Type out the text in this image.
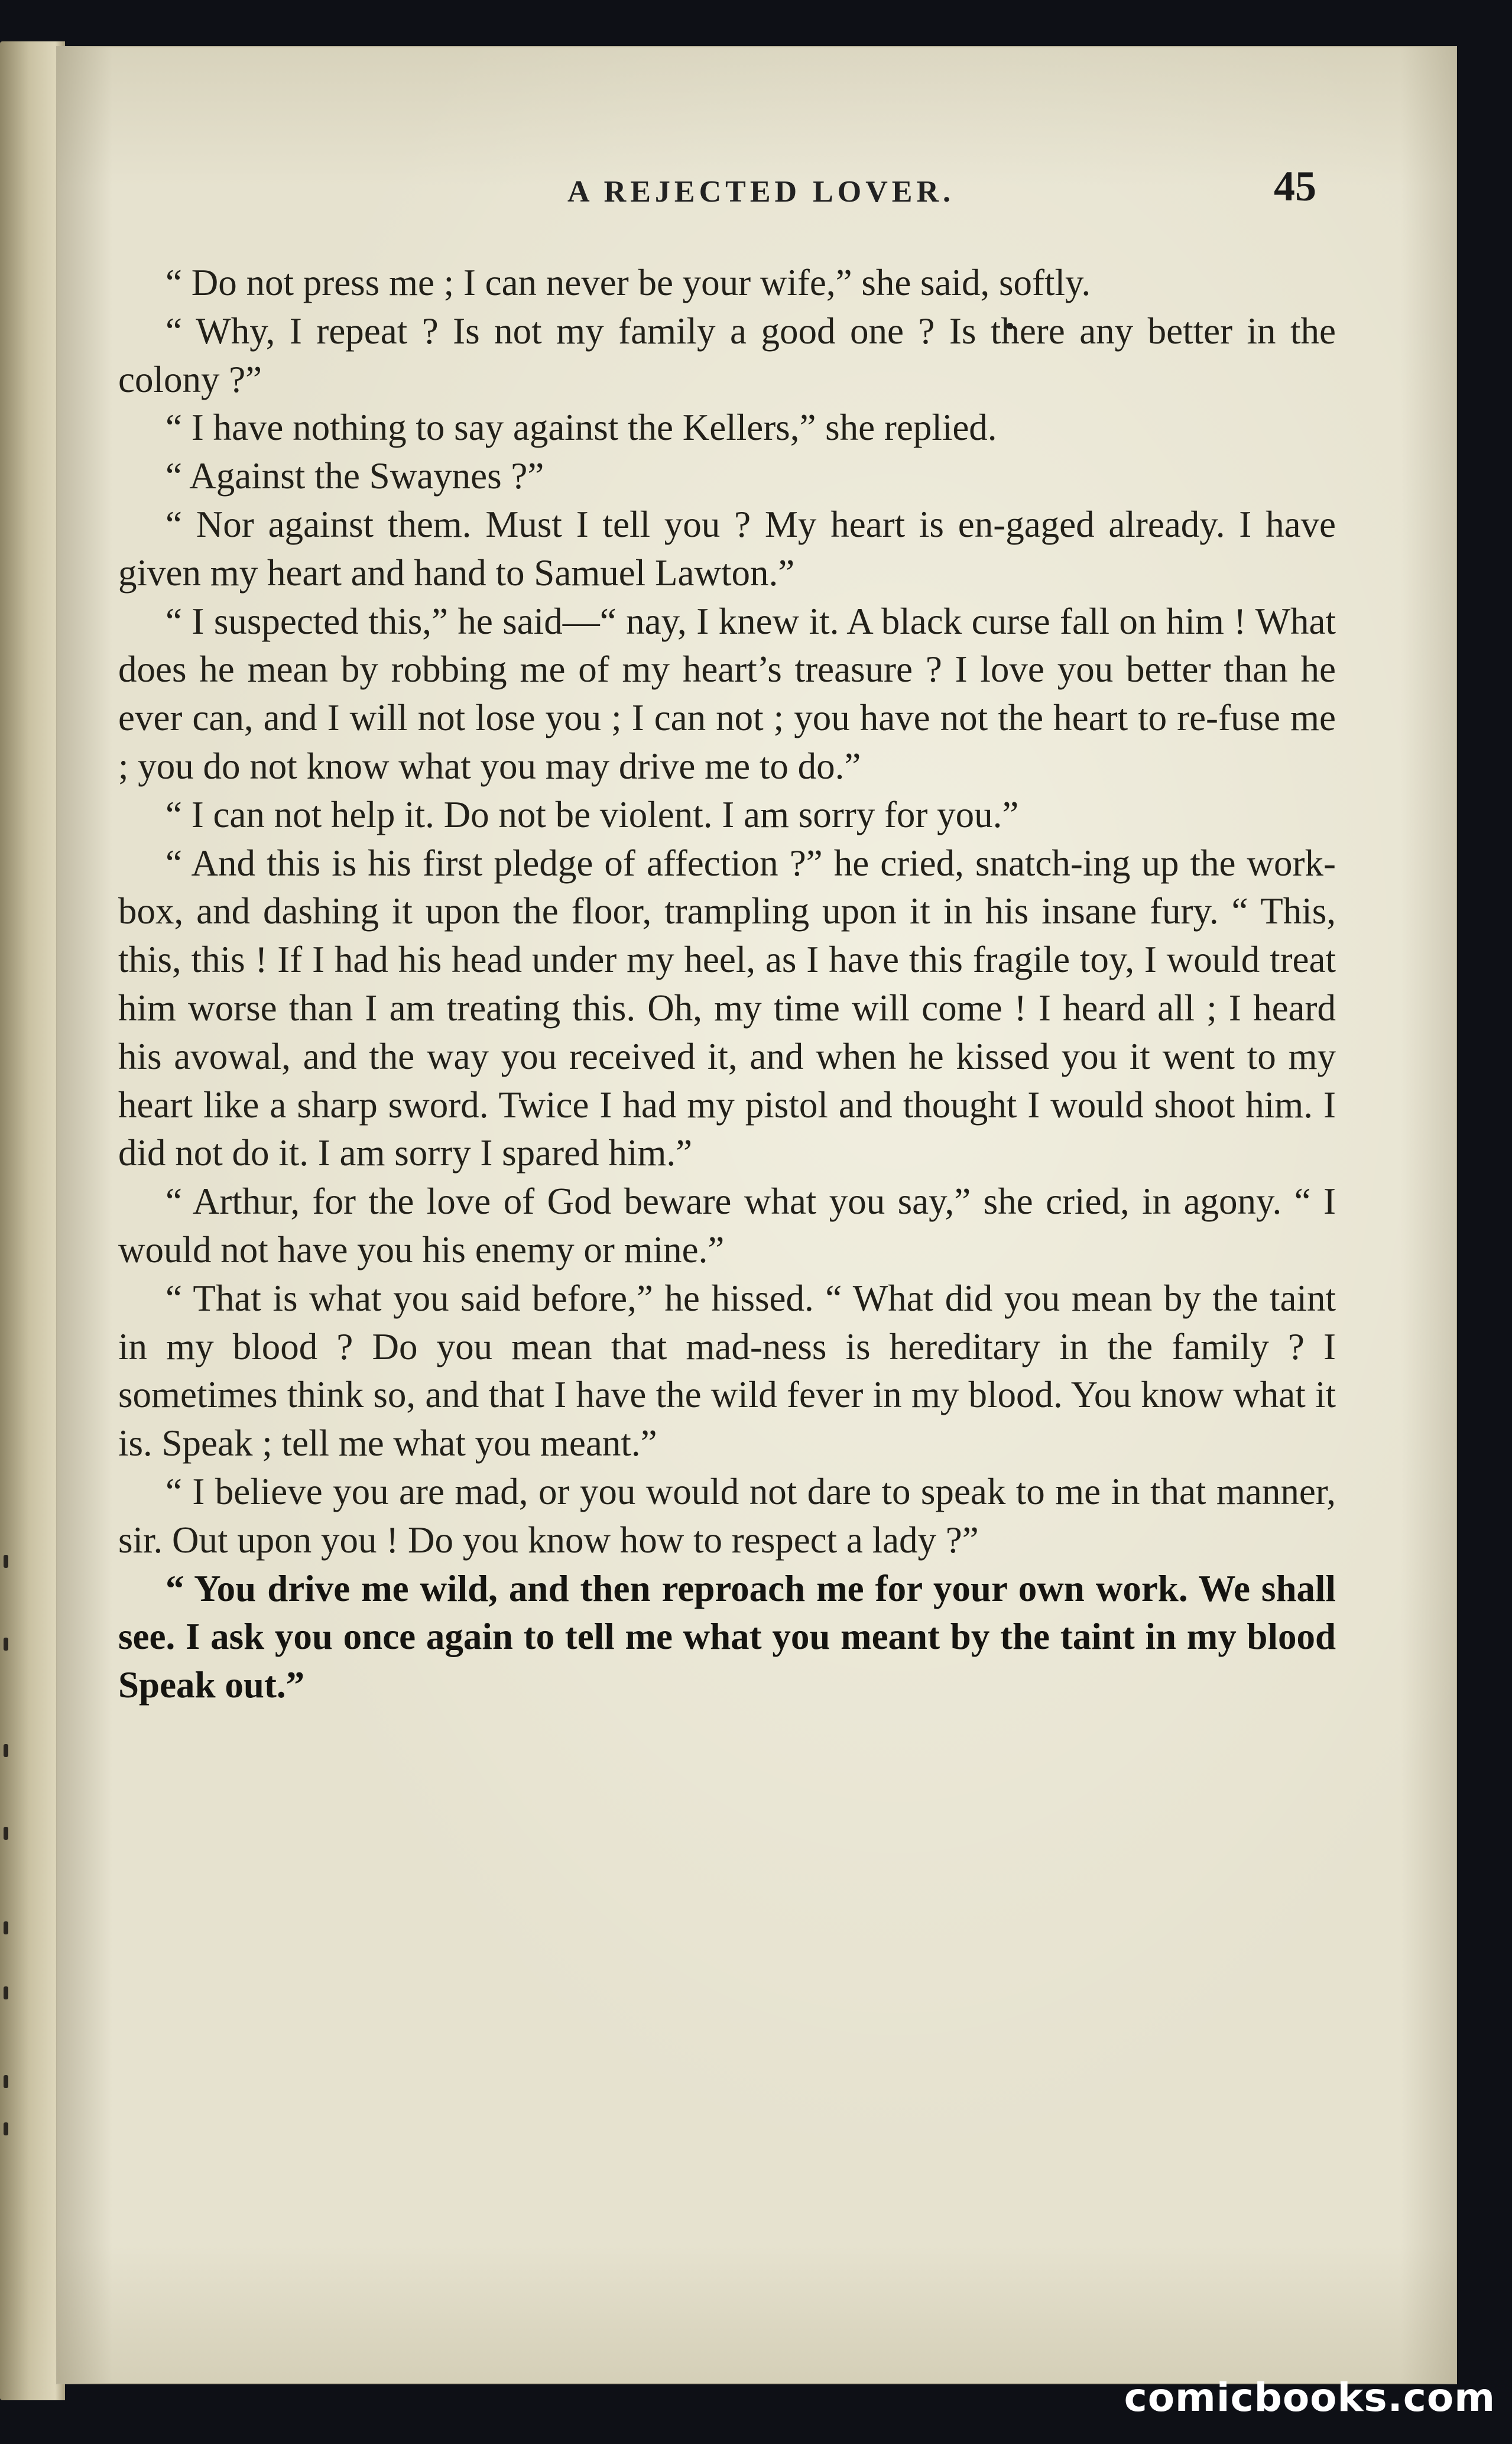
A REJECTED LOVER.	45

“ Do not press me ; I can never be your wife,” she said, softly.

“ Why, I repeat ? Is not my family a good one ? Is there any better in the colony ?”

“ I have nothing to say against the Kellers,” she replied.

“ Against the Swaynes ?”

“ Nor against them. Must I tell you ? My heart is en-gaged already. I have given my heart and hand to Samuel Lawton.”

“ I suspected this,” he said—“ nay, I knew it. A black curse fall on him ! What does he mean by robbing me of my heart’s treasure ? I love you better than he ever can, and I will not lose you ; I can not ; you have not the heart to re-fuse me ; you do not know what you may drive me to do.”

“ I can not help it. Do not be violent. I am sorry for you.”

“ And this is his first pledge of affection ?” he cried, snatch-ing up the work-box, and dashing it upon the floor, trampling upon it in his insane fury. “ This, this, this ! If I had his head under my heel, as I have this fragile toy, I would treat him worse than I am treating this. Oh, my time will come ! I heard all ; I heard his avowal, and the way you received it, and when he kissed you it went to my heart like a sharp sword. Twice I had my pistol and thought I would shoot him. I did not do it. I am sorry I spared him.”

“ Arthur, for the love of God beware what you say,” she cried, in agony. “ I would not have you his enemy or mine.”

“ That is what you said before,” he hissed. “ What did you mean by the taint in my blood ? Do you mean that mad-ness is hereditary in the family ? I sometimes think so, and that I have the wild fever in my blood. You know what it is. Speak ; tell me what you meant.”

“ I believe you are mad, or you would not dare to speak to me in that manner, sir. Out upon you ! Do you know how to respect a lady ?”

“ You drive me wild, and then reproach me for your own work. We shall see. I ask you once again to tell me what you meant by the taint in my blood Speak out.”

comicbooks.com
